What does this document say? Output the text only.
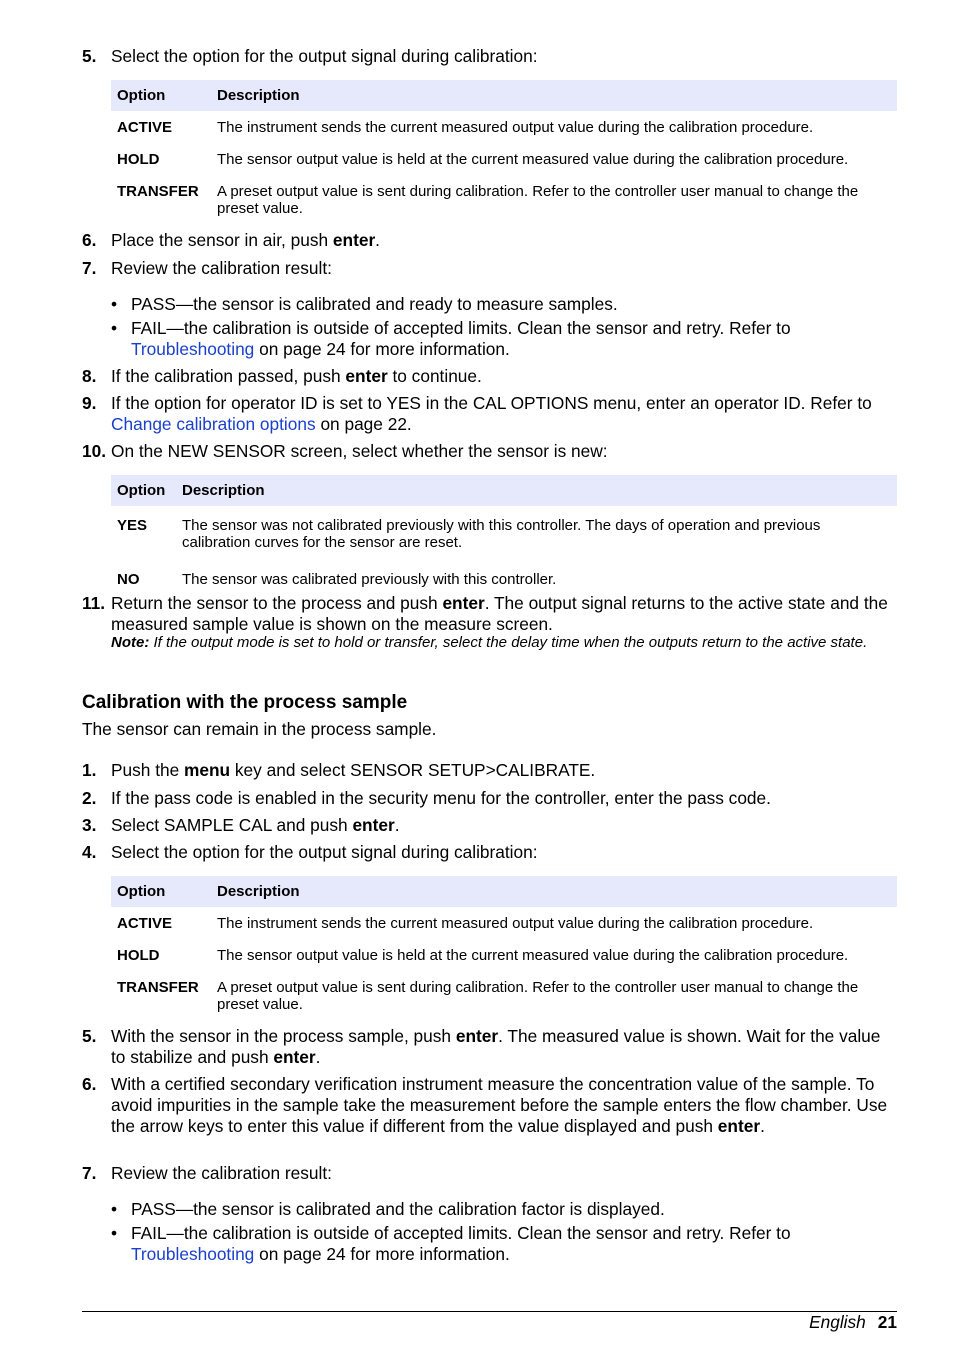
5. Select the option for the output signal during calibration:
Option	Description
ACTIVE	The instrument sends the current measured output value during the calibration procedure.
HOLD	The sensor output value is held at the current measured value during the calibration procedure.
TRANSFER	A preset output value is sent during calibration. Refer to the controller user manual to change the preset value.
6. Place the sensor in air, push enter.
7. Review the calibration result:
• PASS—the sensor is calibrated and ready to measure samples.
• FAIL—the calibration is outside of accepted limits. Clean the sensor and retry. Refer to Troubleshooting on page 24 for more information.
8. If the calibration passed, push enter to continue.
9. If the option for operator ID is set to YES in the CAL OPTIONS menu, enter an operator ID. Refer to Change calibration options on page 22.
10. On the NEW SENSOR screen, select whether the sensor is new:
Option	Description
YES	The sensor was not calibrated previously with this controller. The days of operation and previous calibration curves for the sensor are reset.
NO	The sensor was calibrated previously with this controller.
11. Return the sensor to the process and push enter. The output signal returns to the active state and the measured sample value is shown on the measure screen.
Note: If the output mode is set to hold or transfer, select the delay time when the outputs return to the active state.
Calibration with the process sample
The sensor can remain in the process sample.
1. Push the menu key and select SENSOR SETUP>CALIBRATE.
2. If the pass code is enabled in the security menu for the controller, enter the pass code.
3. Select SAMPLE CAL and push enter.
4. Select the option for the output signal during calibration:
Option	Description
ACTIVE	The instrument sends the current measured output value during the calibration procedure.
HOLD	The sensor output value is held at the current measured value during the calibration procedure.
TRANSFER	A preset output value is sent during calibration. Refer to the controller user manual to change the preset value.
5. With the sensor in the process sample, push enter. The measured value is shown. Wait for the value to stabilize and push enter.
6. With a certified secondary verification instrument measure the concentration value of the sample. To avoid impurities in the sample take the measurement before the sample enters the flow chamber. Use the arrow keys to enter this value if different from the value displayed and push enter.
7. Review the calibration result:
• PASS—the sensor is calibrated and the calibration factor is displayed.
• FAIL—the calibration is outside of accepted limits. Clean the sensor and retry. Refer to Troubleshooting on page 24 for more information.
English 21
